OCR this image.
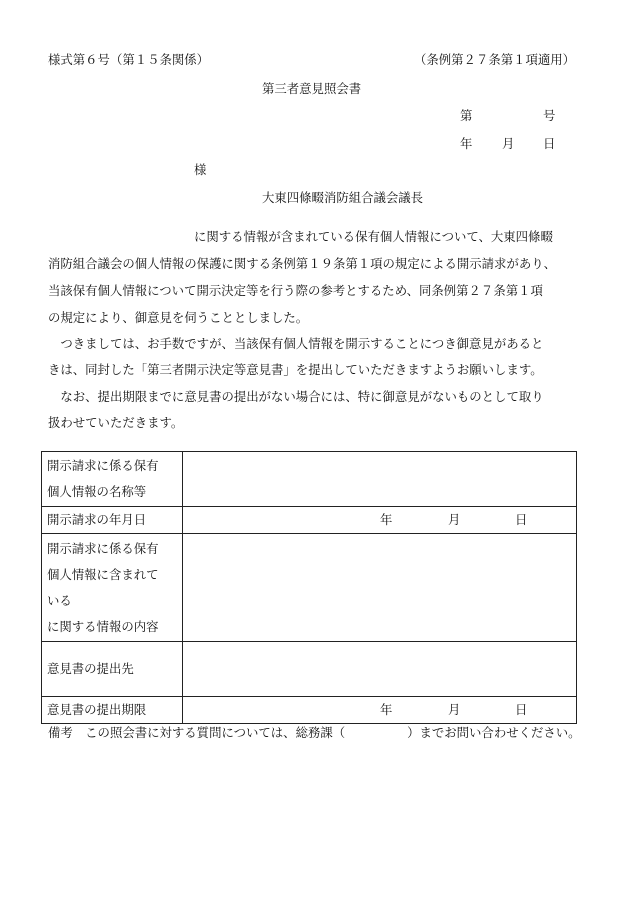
様式第６号（第１５条関係）	（条例第２７条第１項適用）
第三者意見照会書
第	号
年 月 日
様
大東四條畷消防組合議会議長
に関する情報が含まれている保有個人情報について、大東四條畷
消防組合議会の個人情報の保護に関する条例第１９条第１項の規定による開示請求があり、
当該保有個人情報について開示決定等を行う際の参考とするため、同条例第２７条第１項
の規定により、御意見を伺うこととしました。
　つきましては、お手数ですが、当該保有個人情報を開示することにつき御意見があると
きは、同封した「第三者開示決定等意見書」を提出していただきますようお願いします。
　なお、提出期限までに意見書の提出がない場合には、特に御意見がないものとして取り
扱わせていただきます。
開示請求に係る保有
個人情報の名称等	

開示請求の年月日	年 月 日

開示請求に係る保有
個人情報に含まれて
いる
に関する情報の内容	

意見書の提出先	
意見書の提出期限	年 月 日
備考　この照会書に対する質問については、総務課（　　　　　）までお問い合わせください。
